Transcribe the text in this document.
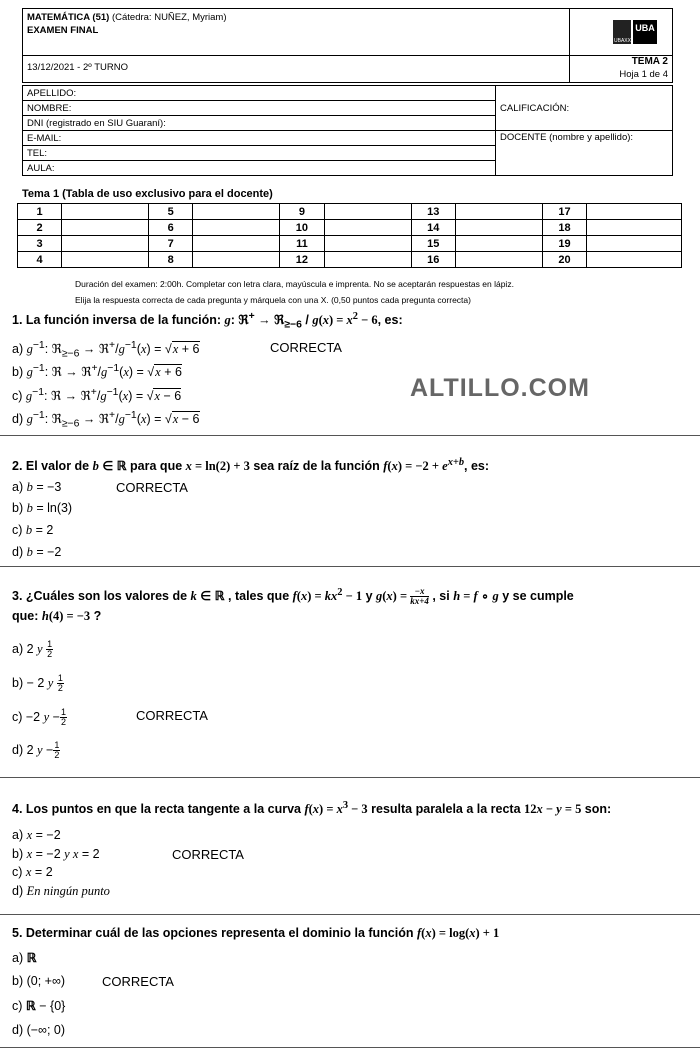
MATEMÁTICA (51) (Cátedra: NUÑEZ, Myriam)
EXAMEN FINAL
13/12/2021 - 2º TURNO
UBAXXI
UBA
TEMA 2
Hoja 1 de 4
APELLIDO:	CALIFICACIÓN:
NOMBRE:	
DNI (registrado en SIU Guaraní):	
E-MAIL:	DOCENTE (nombre y apellido):
TEL:	
AULA:	
Tema 1 (Tabla de uso exclusivo para el docente)
1		5		9		13		17	
2		6		10		14		18	
3		7		11		15		19	
4		8		12		16		20	
Duración del examen: 2:00h. Completar con letra clara, mayúscula e imprenta. No se aceptarán respuestas en lápiz.
Elija la respuesta correcta de cada pregunta y márquela con una X. (0,50 puntos cada pregunta correcta)
1. La función inversa de la función: g: ℜ+ → ℜ$_{\ge-6}$ / $g(x) = x^2 - 6$, es:
a) $g^{-1}$: ℜ$_{\ge-6}$ → $ℜ^+/g^{-1}(x) = √x + 6$	CORRECTA
b) $g^{-1}$: ℜ → $ℜ^+/g^{-1}(x) = √x + 6$
c) $g^{-1}$: ℜ → $ℜ^+/g^{-1}(x) = √x - 6$
d) $g^{-1}$: ℜ$_{\ge-6}$ → $ℜ^+/g^{-1}(x) = √x - 6$
ALTILLO.COM
2. El valor de b ∈ ℝ para que x = ln(2) + 3 sea raíz de la función $f(x) = -2 + e^{x+b}$, es:
a) b = −3	CORRECTA
b) b = ln(3)
c) b = 2
d) b = −2
3. ¿Cuáles son los valores de k ∈ ℝ , tales que $f(x) = kx^2 - 1$ y $g(x) = \frac{-x}{kx+4}$ , si h = f ∘ g y se cumple
que: h(4) = −3 ?
a) 2 y $\frac{1}{2}$
b) − 2 y $\frac{1}{2}$
c) −2 $y - \frac{1}{2}$	CORRECTA
d) 2 $y - \frac{1}{2}$
4. Los puntos en que la recta tangente a la curva $f(x) = x^3 - 3$ resulta paralela a la recta 12x − y = 5 son:
a) x = −2
b) x = −2 y x = 2	CORRECTA
c) x = 2
d) En ningún punto
5. Determinar cuál de las opciones representa el dominio la función f(x) = log(x) + 1
a) ℝ
b) (0; +∞)	CORRECTA
c) ℝ − {0}
d) (−∞; 0)
